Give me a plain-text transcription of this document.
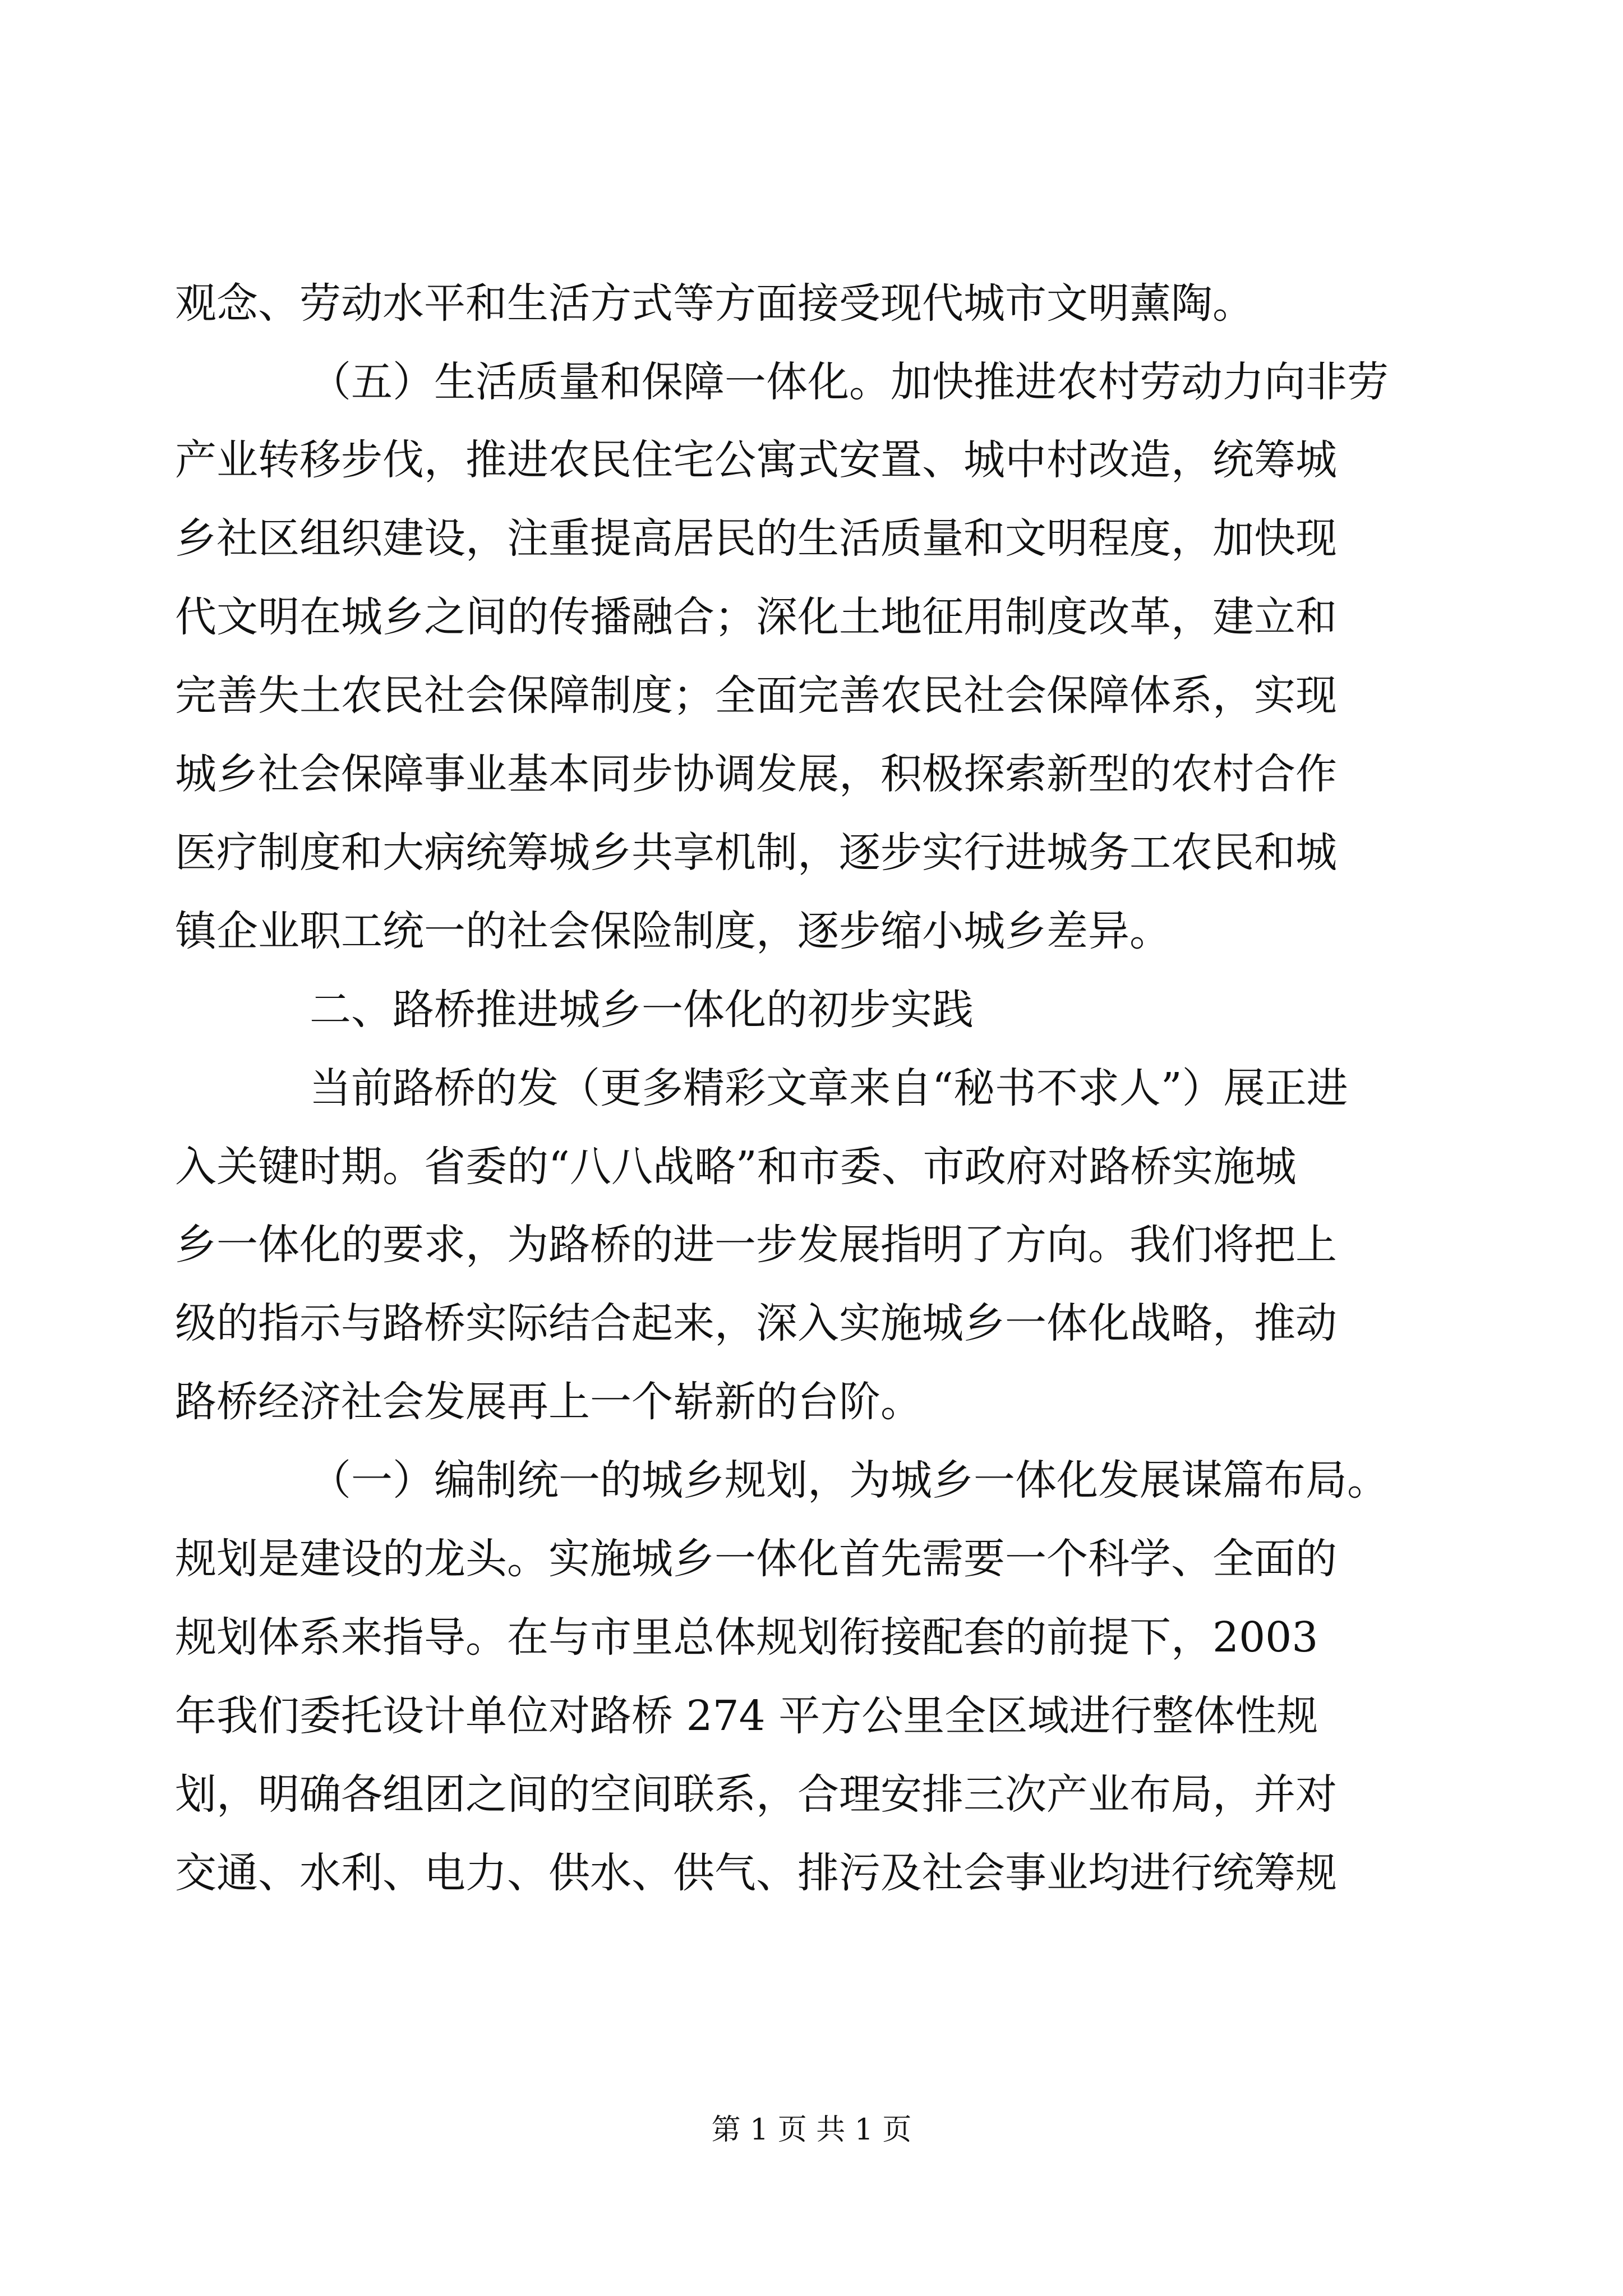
观念、劳动水平和生活方式等方面接受现代城市文明薰陶。
（五）生活质量和保障一体化。加快推进农村劳动力向非劳
产业转移步伐，推进农民住宅公寓式安置、城中村改造，统筹城
乡社区组织建设，注重提高居民的生活质量和文明程度，加快现
代文明在城乡之间的传播融合；深化土地征用制度改革，建立和
完善失土农民社会保障制度；全面完善农民社会保障体系，实现
城乡社会保障事业基本同步协调发展，积极探索新型的农村合作
医疗制度和大病统筹城乡共享机制，逐步实行进城务工农民和城
镇企业职工统一的社会保险制度，逐步缩小城乡差异。
二、路桥推进城乡一体化的初步实践
当前路桥的发（更多精彩文章来自“秘书不求人”）展正进
入关键时期。省委的“八八战略”和市委、市政府对路桥实施城
乡一体化的要求，为路桥的进一步发展指明了方向。我们将把上
级的指示与路桥实际结合起来，深入实施城乡一体化战略，推动
路桥经济社会发展再上一个崭新的台阶。
（一）编制统一的城乡规划，为城乡一体化发展谋篇布局。
规划是建设的龙头。实施城乡一体化首先需要一个科学、全面的
规划体系来指导。在与市里总体规划衔接配套的前提下，2003
年我们委托设计单位对路桥 274 平方公里全区域进行整体性规
划，明确各组团之间的空间联系，合理安排三次产业布局，并对
交通、水利、电力、供水、供气、排污及社会事业均进行统筹规
第 1 页 共 1 页
